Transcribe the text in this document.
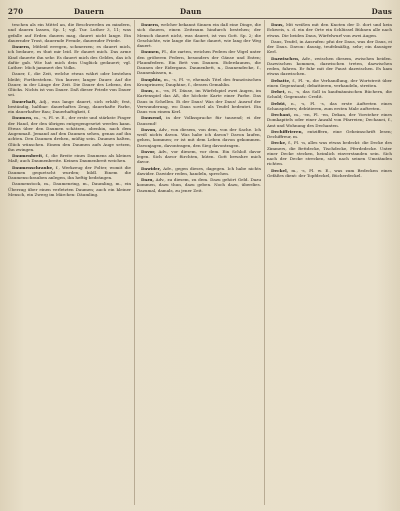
270	Dauern	Daun	Daus

teschen als ein Mittel an, die Beschwerden zu mindern, und dauern lassen, Sp. 1; vgl. Tur. Luther 3, 11; was gefalle auf Erden dauern mag, dauret nicht lange. Ein dauernder Trost, dauernde Freude, dauernder Friede.

Dauern, Mitleid erregen, schmerzen; es dauert mich, ich bedaure, es thut mir leid. Er dauert mich. Das arme Kind dauerte ihn sehr. Es dauert mich des Geldes, das ich dafür gab. Wie hat mich dein Unglück gedauert; vgl. Luther: Mich jammert des Volks.

Dauer, f., die Zeit, welche etwas währt oder bestehen bleibt; Fortbestehen. Von kurzer, langer Dauer. Auf die Dauer, in der Länge der Zeit. Die Dauer des Lebens, des Glücks. Nichts ist von Dauer. Daß dieser Friede von Dauer sei.

Dauerhaft, Adj., was lange dauert, sich erhält; fest, beständig, haltbar: dauerhaftes Zeug, dauerhafte Farbe, ein dauerhafter Bau; Dauerhaftigkeit, f.

Daumen, m., -s, Pl. w. E., der erste und stärkste Finger der Hand, der den übrigen entgegengesetzt werden kann. Etwas über den Daumen schätzen, obenhin, nach dem Augenmaß. Jemand auf den Daumen sehen, genau auf ihn achten. Den Daumen drehen, müßig sein. Daumen halten, Glück wünschen. Einem den Daumen aufs Auge setzen, ihn zwingen.

Daumenbreit, f., die Breite eines Daumens als kleines Maß; auch Daumenbreite. Keinen Daumenbreit weichen.

Daumenschraube, f., Werkzeug der Folter, womit die Daumen gequetscht wurden; bildl. Einem die Daumenschrauben anlegen, ihn heftig bedrängen.

Daumenstock, m., Daumenring, m., Daumling, m., ein Überzug über einen verletzten Daumen; auch ein kleiner Mensch, ein Zwerg im Märchen: Däumling.

Dauern, welcher bekannt Sinnen ein daß eine Dinge, die sich dauern, einen Zeitraum hindurch bestehen; der Mensch dauert nicht, was dauret, ist von Gott. Sp. 2; die Geschichte, wie lange die Sache dauert, wie lang der Weg dauert.

Daunen, Pl., die zarten, weichen Federn der Vögel unter den gröberen Federn, besonders der Gänse und Enten; Flaumfedern. Ein Bett von Daunen. Eiderdaunen, die Daunen der Eidergans. Daunenbett, n., Daunendecke, f., Daunenkissen, n.

Dauphin, m., -s, Pl. -e, ehemals Titel des französischen Kronprinzen; Dauphine, f., dessen Gemahlin.

Daus, n., -es, Pl. Däuse, im Würfelspiel zwei Augen, im Kartenspiel das Aß, die höchste Karte einer Farbe. Das Daus in Schellen. Ei der Daus! Was der Daus! Ausruf der Verwunderung, wo Daus soviel als Teufel bedeutet. Ein Daus von einem Kerl.

Dausend, in der Volkssprache für tausend; ei der Dausend!

Davon, Adv., von diesem, von dem, von der Sache. Ich weiß nichts davon. Was habe ich davon? Davon laufen, gehen, kommen; er ist mit dem Leben davon gekommen. Davonjagen, davontragen, den Sieg davontragen.

Davor, Adv., vor diesem, vor dem. Ein Schloß davor legen. Sich davor fürchten, hüten. Gott bewahre mich davor.

Dawider, Adv., gegen dieses, dagegen. Ich habe nichts dawider. Dawider reden, handeln, sprechen.

Dazu, Adv., zu diesem, zu dem. Dazu gehört Geld. Dazu kommen, dazu thun, dazu geben. Noch dazu, überdies. Dazumal, damals, zu jener Zeit.

Daus, Mit weißen mit den Knoten der D. dort und kein Eckweis, s. d. ein der Orte ein Schlüssel Bühnen alle nach etwas. Die beiden Daus, Würfelwurf von zwei Augen.

Daus, Teufel, in Ausrufen: pfui der Daus, was der Daus, ei der Daus. Davon: dausig, teufelmäßig, sehr; ein dausiger Kerl.

Dazwischen, Adv., zwischen diesem, zwischen beiden. Dazwischen kommen, dazwischen treten, dazwischen reden, fahren. Er fuhr mit der Faust dazwischen. Es kam etwas dazwischen.

Debatte, f., Pl. -n, die Verhandlung, der Wortstreit über einen Gegenstand; debattieren, verhandeln, streiten.

Debet, n., -s, das Soll in kaufmännischen Büchern, die Schuld; Gegensatz: Credit.

Debüt, n., -s, Pl. -s, das erste Auftreten eines Schauspielers; debütieren, zum ersten Male auftreten.

Dechant, m., -en, Pl. -en, Dekan, der Vorsteher eines Domkapitels oder einer Anzahl von Pfarreien; Dechanei, f., Amt und Wohnung des Dechanten.

Dechiffrieren, entziffern, eine Geheimschrift lesen; Dechiffreur, m.

Decke, f., Pl. -n, alles was etwas bedeckt: die Decke des Zimmers, die Bettdecke, Tischdecke, Pferdedecke. Unter einer Decke stecken, heimlich einverstanden sein. Sich nach der Decke strecken, sich nach seinen Umständen richten.

Deckel, m., -s, Pl. w. E., was zum Bedecken eines Gefäßes dient: der Topfdeckel, Bücherdeckel.
